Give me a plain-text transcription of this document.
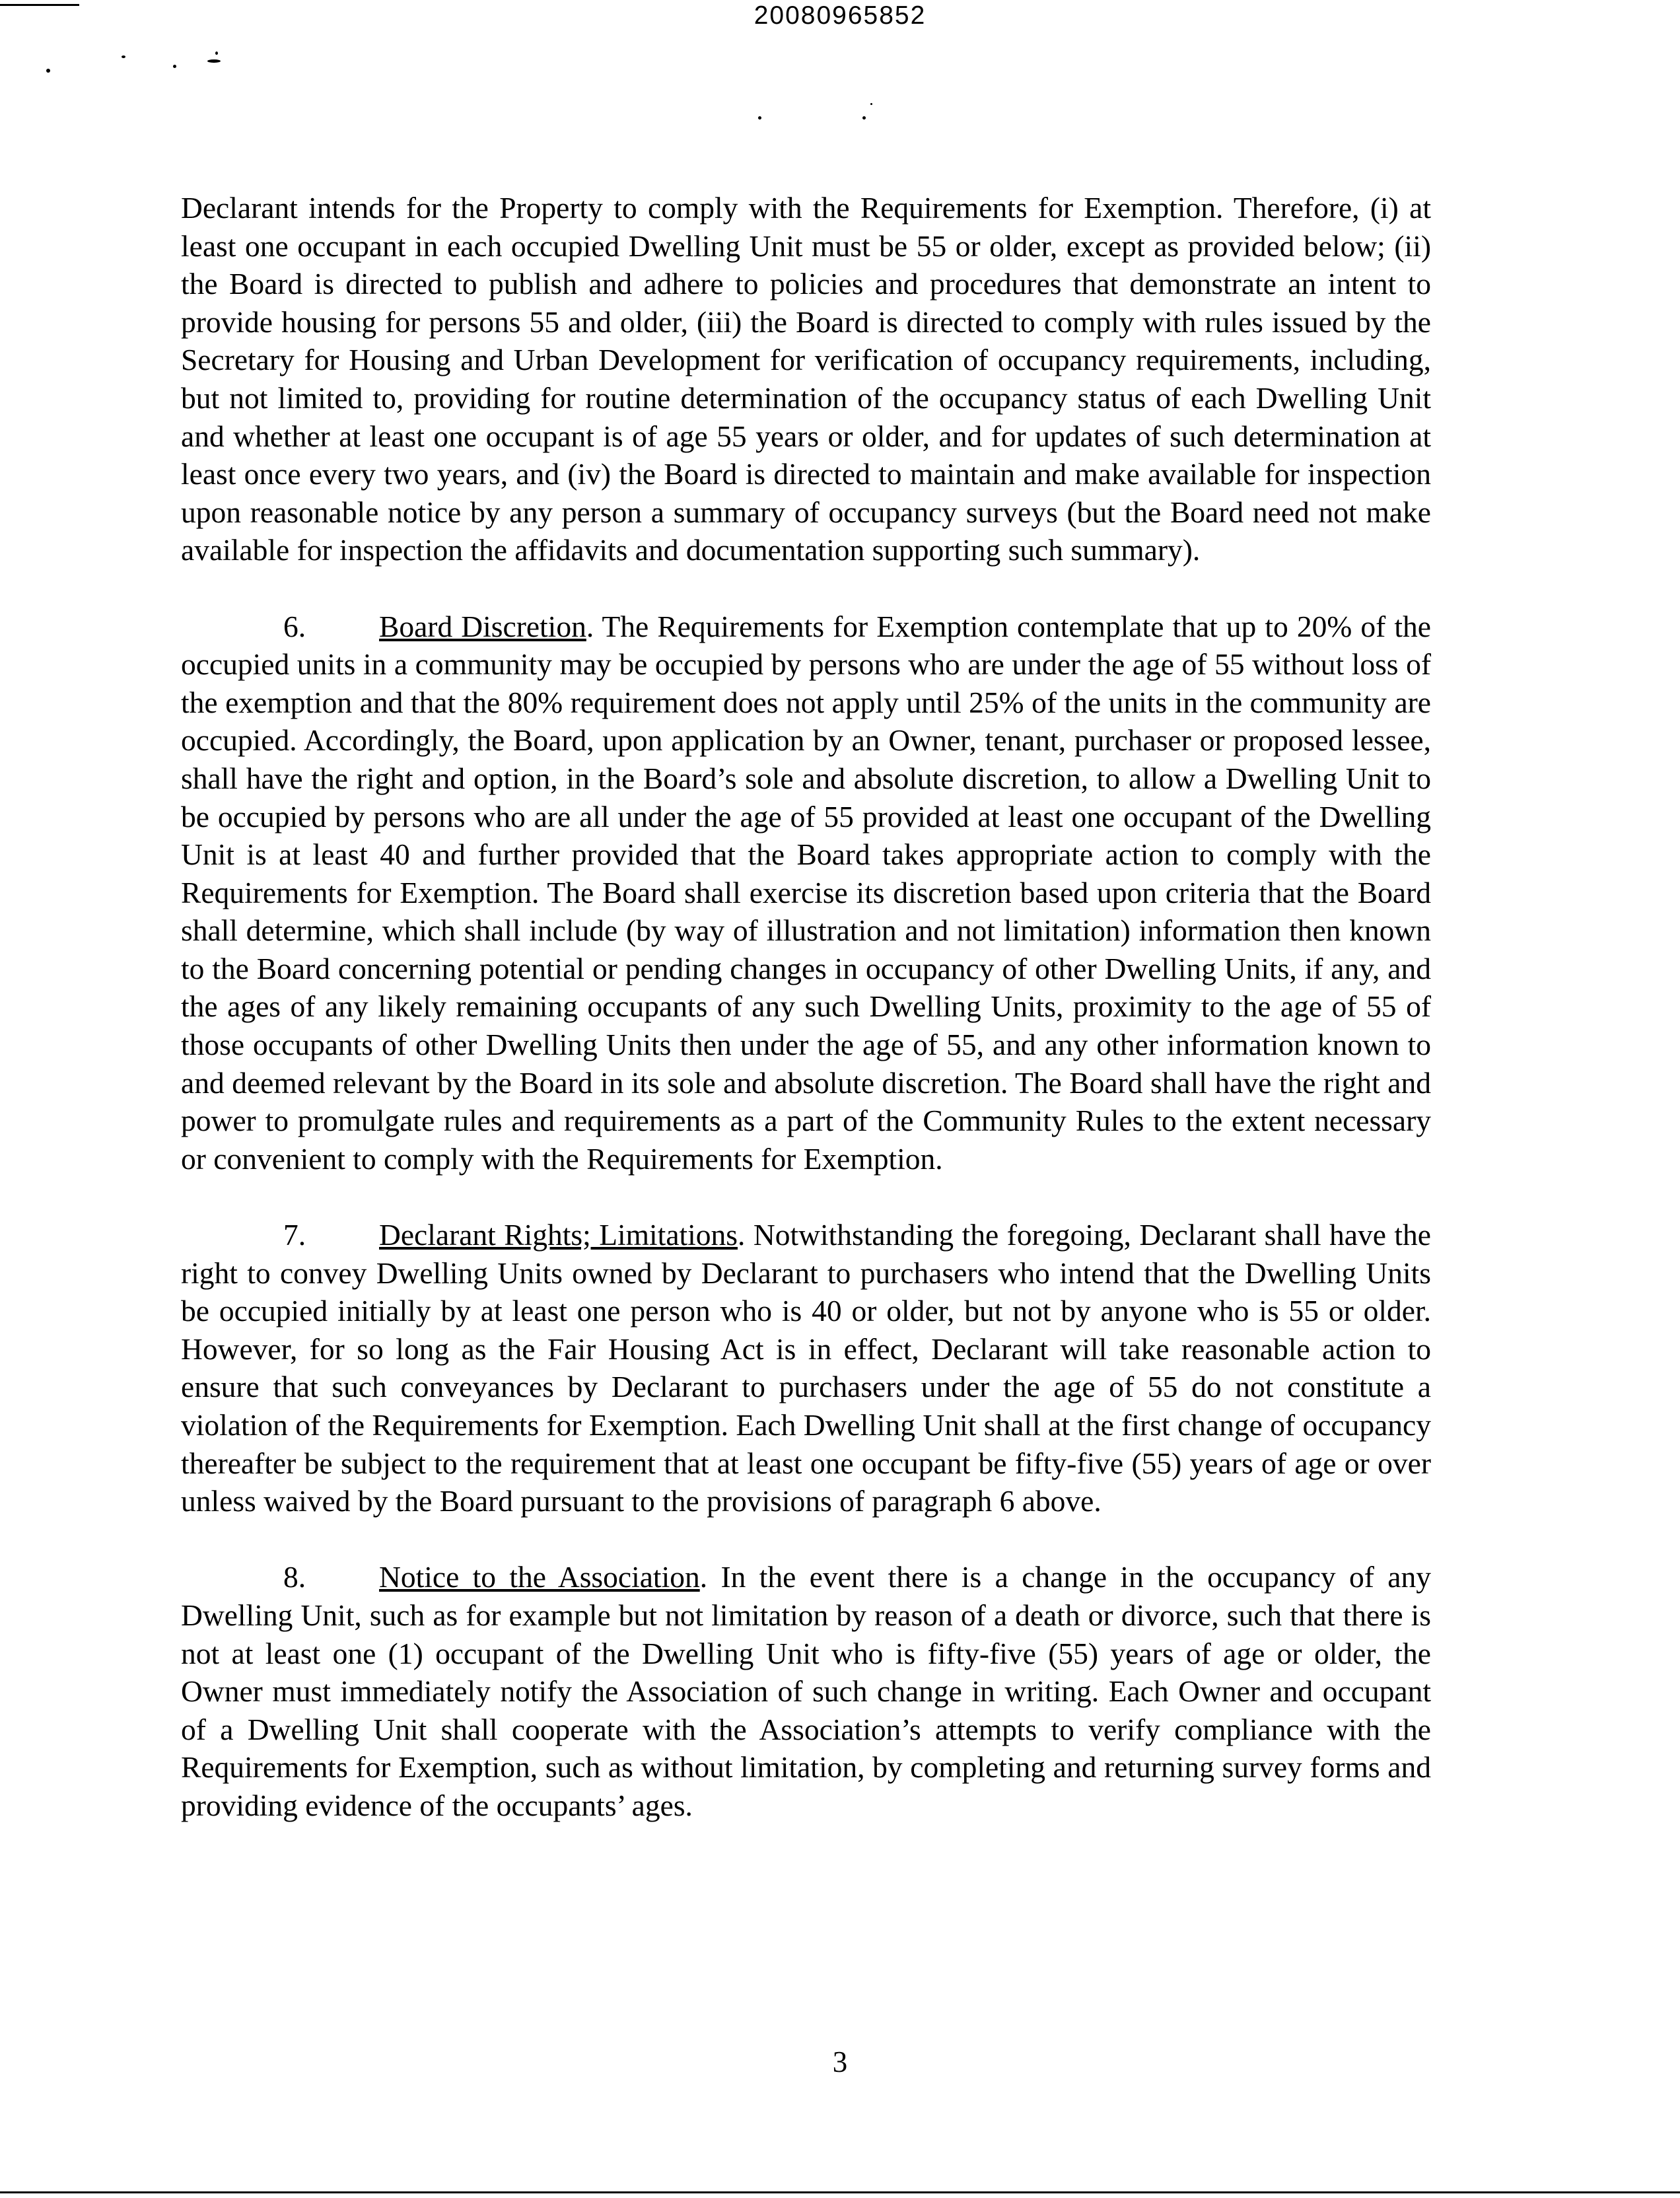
20080965852

Declarant intends for the Property to comply with the Requirements for Exemption. Therefore, (i) at least one occupant in each occupied Dwelling Unit must be 55 or older, except as provided below; (ii) the Board is directed to publish and adhere to policies and procedures that demonstrate an intent to provide housing for persons 55 and older, (iii) the Board is directed to comply with rules issued by the Secretary for Housing and Urban Development for verification of occupancy requirements, including, but not limited to, providing for routine determination of the occupancy status of each Dwelling Unit and whether at least one occupant is of age 55 years or older, and for updates of such determination at least once every two years, and (iv) the Board is directed to maintain and make available for inspection upon reasonable notice by any person a summary of occupancy surveys (but the Board need not make available for inspection the affidavits and documentation supporting such summary).

6. Board Discretion. The Requirements for Exemption contemplate that up to 20% of the occupied units in a community may be occupied by persons who are under the age of 55 without loss of the exemption and that the 80% requirement does not apply until 25% of the units in the community are occupied. Accordingly, the Board, upon application by an Owner, tenant, purchaser or proposed lessee, shall have the right and option, in the Board’s sole and absolute discretion, to allow a Dwelling Unit to be occupied by persons who are all under the age of 55 provided at least one occupant of the Dwelling Unit is at least 40 and further provided that the Board takes appropriate action to comply with the Requirements for Exemption. The Board shall exercise its discretion based upon criteria that the Board shall determine, which shall include (by way of illustration and not limitation) information then known to the Board concerning potential or pending changes in occupancy of other Dwelling Units, if any, and the ages of any likely remaining occupants of any such Dwelling Units, proximity to the age of 55 of those occupants of other Dwelling Units then under the age of 55, and any other information known to and deemed relevant by the Board in its sole and absolute discretion. The Board shall have the right and power to promulgate rules and requirements as a part of the Community Rules to the extent necessary or convenient to comply with the Requirements for Exemption.

7. Declarant Rights; Limitations. Notwithstanding the foregoing, Declarant shall have the right to convey Dwelling Units owned by Declarant to purchasers who intend that the Dwelling Units be occupied initially by at least one person who is 40 or older, but not by anyone who is 55 or older. However, for so long as the Fair Housing Act is in effect, Declarant will take reasonable action to ensure that such conveyances by Declarant to purchasers under the age of 55 do not constitute a violation of the Requirements for Exemption. Each Dwelling Unit shall at the first change of occupancy thereafter be subject to the requirement that at least one occupant be fifty-five (55) years of age or over unless waived by the Board pursuant to the provisions of paragraph 6 above.

8. Notice to the Association. In the event there is a change in the occupancy of any Dwelling Unit, such as for example but not limitation by reason of a death or divorce, such that there is not at least one (1) occupant of the Dwelling Unit who is fifty-five (55) years of age or older, the Owner must immediately notify the Association of such change in writing. Each Owner and occupant of a Dwelling Unit shall cooperate with the Association’s attempts to verify compliance with the Requirements for Exemption, such as without limitation, by completing and returning survey forms and providing evidence of the occupants’ ages.

3
